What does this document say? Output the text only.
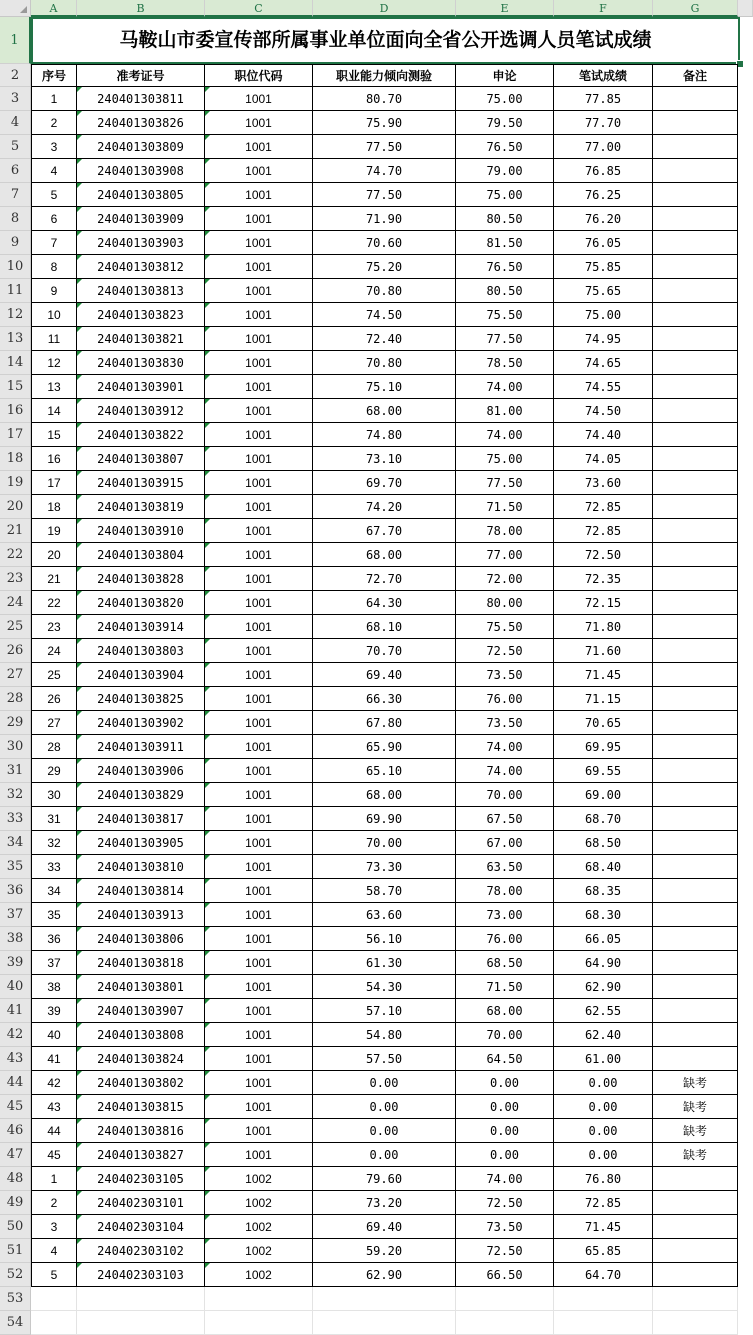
A	B	C	D	E	F	G
1
2
3
4
5
6
7
8
9
10
11
12
13
14
15
16
17
18
19
20
21
22
23
24
25
26
27
28
29
30
31
32
33
34
35
36
37
38
39
40
41
42
43
44
45
46
47
48
49
50
51
52
53
54
马鞍山市委宣传部所属事业单位面向全省公开选调人员笔试成绩
序号	准考证号	职位代码	职业能力倾向测验	申论	笔试成绩	备注
1	240401303811	1001	80.70	75.00	77.85
2	240401303826	1001	75.90	79.50	77.70
3	240401303809	1001	77.50	76.50	77.00
4	240401303908	1001	74.70	79.00	76.85
5	240401303805	1001	77.50	75.00	76.25
6	240401303909	1001	71.90	80.50	76.20
7	240401303903	1001	70.60	81.50	76.05
8	240401303812	1001	75.20	76.50	75.85
9	240401303813	1001	70.80	80.50	75.65
10	240401303823	1001	74.50	75.50	75.00
11	240401303821	1001	72.40	77.50	74.95
12	240401303830	1001	70.80	78.50	74.65
13	240401303901	1001	75.10	74.00	74.55
14	240401303912	1001	68.00	81.00	74.50
15	240401303822	1001	74.80	74.00	74.40
16	240401303807	1001	73.10	75.00	74.05
17	240401303915	1001	69.70	77.50	73.60
18	240401303819	1001	74.20	71.50	72.85
19	240401303910	1001	67.70	78.00	72.85
20	240401303804	1001	68.00	77.00	72.50
21	240401303828	1001	72.70	72.00	72.35
22	240401303820	1001	64.30	80.00	72.15
23	240401303914	1001	68.10	75.50	71.80
24	240401303803	1001	70.70	72.50	71.60
25	240401303904	1001	69.40	73.50	71.45
26	240401303825	1001	66.30	76.00	71.15
27	240401303902	1001	67.80	73.50	70.65
28	240401303911	1001	65.90	74.00	69.95
29	240401303906	1001	65.10	74.00	69.55
30	240401303829	1001	68.00	70.00	69.00
31	240401303817	1001	69.90	67.50	68.70
32	240401303905	1001	70.00	67.00	68.50
33	240401303810	1001	73.30	63.50	68.40
34	240401303814	1001	58.70	78.00	68.35
35	240401303913	1001	63.60	73.00	68.30
36	240401303806	1001	56.10	76.00	66.05
37	240401303818	1001	61.30	68.50	64.90
38	240401303801	1001	54.30	71.50	62.90
39	240401303907	1001	57.10	68.00	62.55
40	240401303808	1001	54.80	70.00	62.40
41	240401303824	1001	57.50	64.50	61.00
42	240401303802	1001	0.00	0.00	0.00	缺考
43	240401303815	1001	0.00	0.00	0.00	缺考
44	240401303816	1001	0.00	0.00	0.00	缺考
45	240401303827	1001	0.00	0.00	0.00	缺考
1	240402303105	1002	79.60	74.00	76.80
2	240402303101	1002	73.20	72.50	72.85
3	240402303104	1002	69.40	73.50	71.45
4	240402303102	1002	59.20	72.50	65.85
5	240402303103	1002	62.90	66.50	64.70
